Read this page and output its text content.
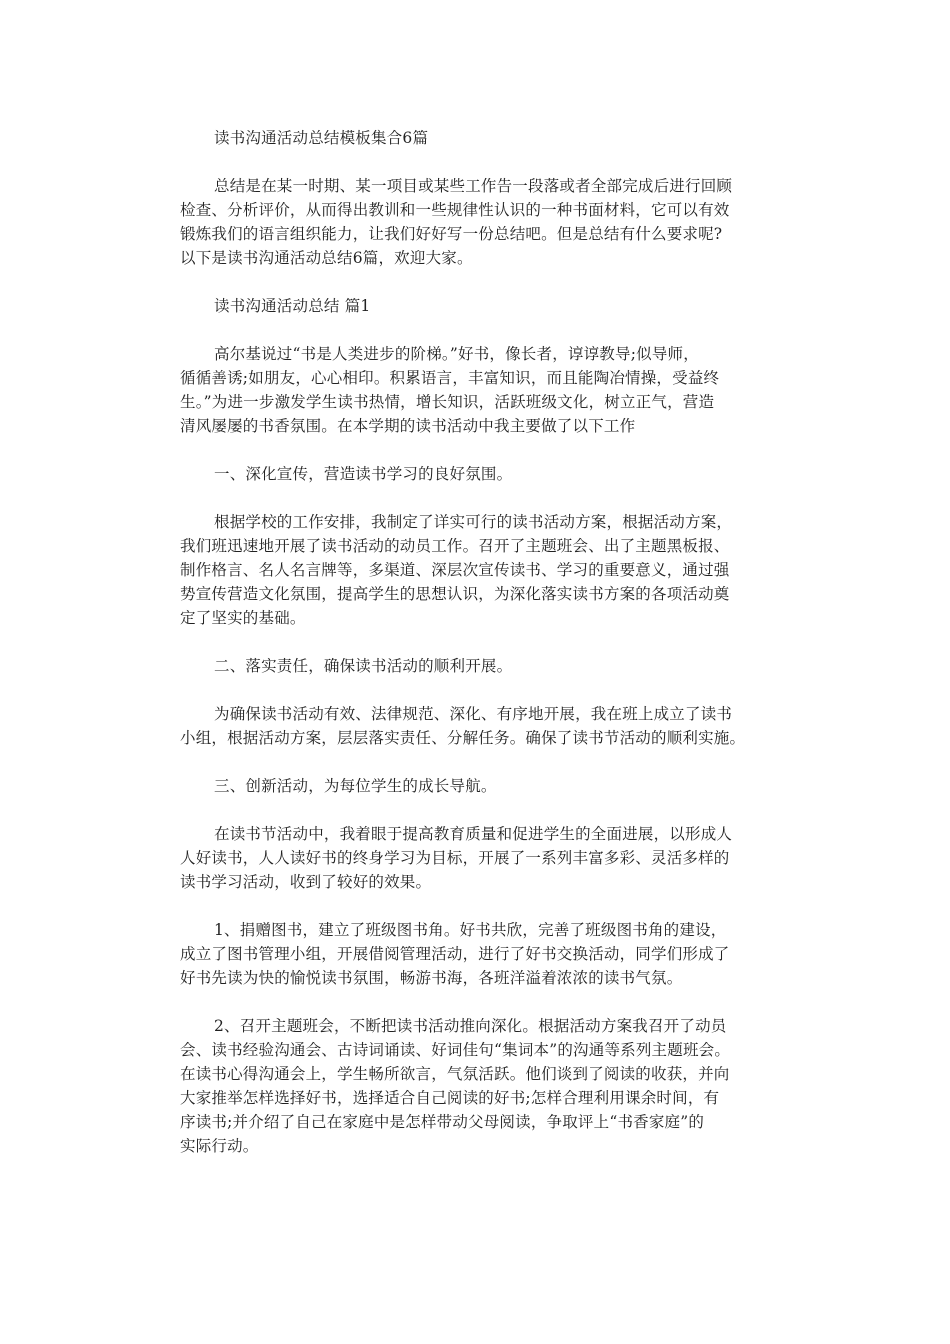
读书沟通活动总结模板集合6篇
总结是在某一时期、某一项目或某些工作告一段落或者全部完成后进行回顾
检查、分析评价，从而得出教训和一些规律性认识的一种书面材料，它可以有效
锻炼我们的语言组织能力，让我们好好写一份总结吧。但是总结有什么要求呢?
以下是读书沟通活动总结6篇，欢迎大家。
读书沟通活动总结 篇1
高尔基说过“书是人类进步的阶梯。”好书，像长者，谆谆教导;似导师，
循循善诱;如朋友，心心相印。积累语言，丰富知识，而且能陶冶情操，受益终
生。”为进一步激发学生读书热情，增长知识，活跃班级文化，树立正气，营造
清风屡屡的书香氛围。在本学期的读书活动中我主要做了以下工作
一、深化宣传，营造读书学习的良好氛围。
根据学校的工作安排，我制定了详实可行的读书活动方案，根据活动方案，
我们班迅速地开展了读书活动的动员工作。召开了主题班会、出了主题黑板报、
制作格言、名人名言牌等，多渠道、深层次宣传读书、学习的重要意义，通过强
势宣传营造文化氛围，提高学生的思想认识，为深化落实读书方案的各项活动奠
定了坚实的基础。
二、落实责任，确保读书活动的顺利开展。
为确保读书活动有效、法律规范、深化、有序地开展，我在班上成立了读书
小组，根据活动方案，层层落实责任、分解任务。确保了读书节活动的顺利实施。
三、创新活动，为每位学生的成长导航。
在读书节活动中，我着眼于提高教育质量和促进学生的全面进展，以形成人
人好读书，人人读好书的终身学习为目标，开展了一系列丰富多彩、灵活多样的
读书学习活动，收到了较好的效果。
1、捐赠图书，建立了班级图书角。好书共欣，完善了班级图书角的建设，
成立了图书管理小组，开展借阅管理活动，进行了好书交换活动，同学们形成了
好书先读为快的愉悦读书氛围，畅游书海，各班洋溢着浓浓的读书气氛。
2、召开主题班会，不断把读书活动推向深化。根据活动方案我召开了动员
会、读书经验沟通会、古诗词诵读、好词佳句“集词本”的沟通等系列主题班会。
在读书心得沟通会上，学生畅所欲言，气氛活跃。他们谈到了阅读的收获，并向
大家推举怎样选择好书，选择适合自己阅读的好书;怎样合理利用课余时间，有
序读书;并介绍了自己在家庭中是怎样带动父母阅读，争取评上“书香家庭”的
实际行动。
